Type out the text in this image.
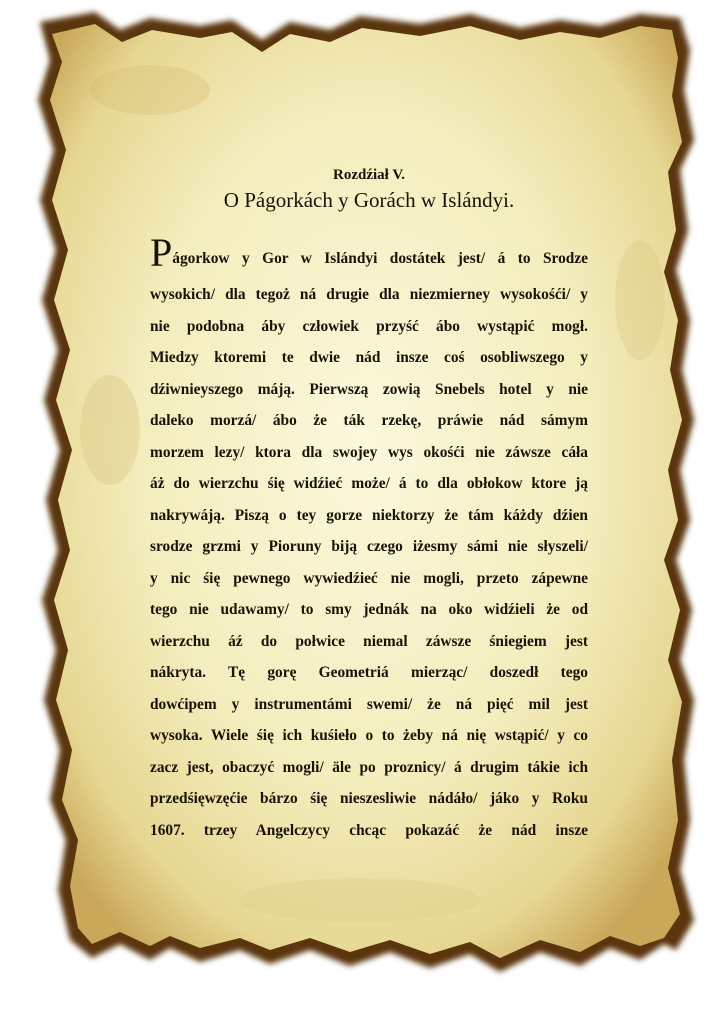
Rozdźiał V.

O Págorkách y Gorách w Islándyi.
Págorkow y Gor w Islándyi dostátek jest/ á to Srodze
wysokich/ dla tegoż ná drugie dla niezmierney wysokośći/ y
nie podobna áby człowiek przyść ábo wystąpić mogł.
Miedzy ktoremi te dwie nád insze coś osobliwszego y
dźiwnieyszego máją. Pierwszą zowią Snebels hotel y nie
daleko morzá/ ábo że ták rzekę, práwie nád sámym
morzem lezy/ ktora dla swojey wys okośći nie záwsze cáła
áż do wierzchu śię widźieć może/ á to dla obłokow ktore ją
nakrywáją. Piszą o tey gorze niektorzy że tám káżdy dźien
srodze grzmi y Pioruny biją czego iżesmy sámi nie słyszeli/
y nic śię pewnego wywiedźieć nie mogli, przeto zápewne
tego nie udawamy/ to smy jednák na oko widźieli że od
wierzchu áź do połwice niemal záwsze śniegiem jest
nákryta. Tę gorę Geometriá mierząc/ doszedł tego
dowćipem y instrumentámi swemi/ że ná pięć mil jest
wysoka. Wiele śię ich kuśieło o to żeby ná nię wstąpić/ y co
zacz jest, obaczyć mogli/ äle po proznicy/ á drugim tákie ich
przedśięwzęćie bárzo śię nieszesliwie nádáło/ jáko y Roku
1607. trzey Angelczycy chcąc pokazáć że nád insze
